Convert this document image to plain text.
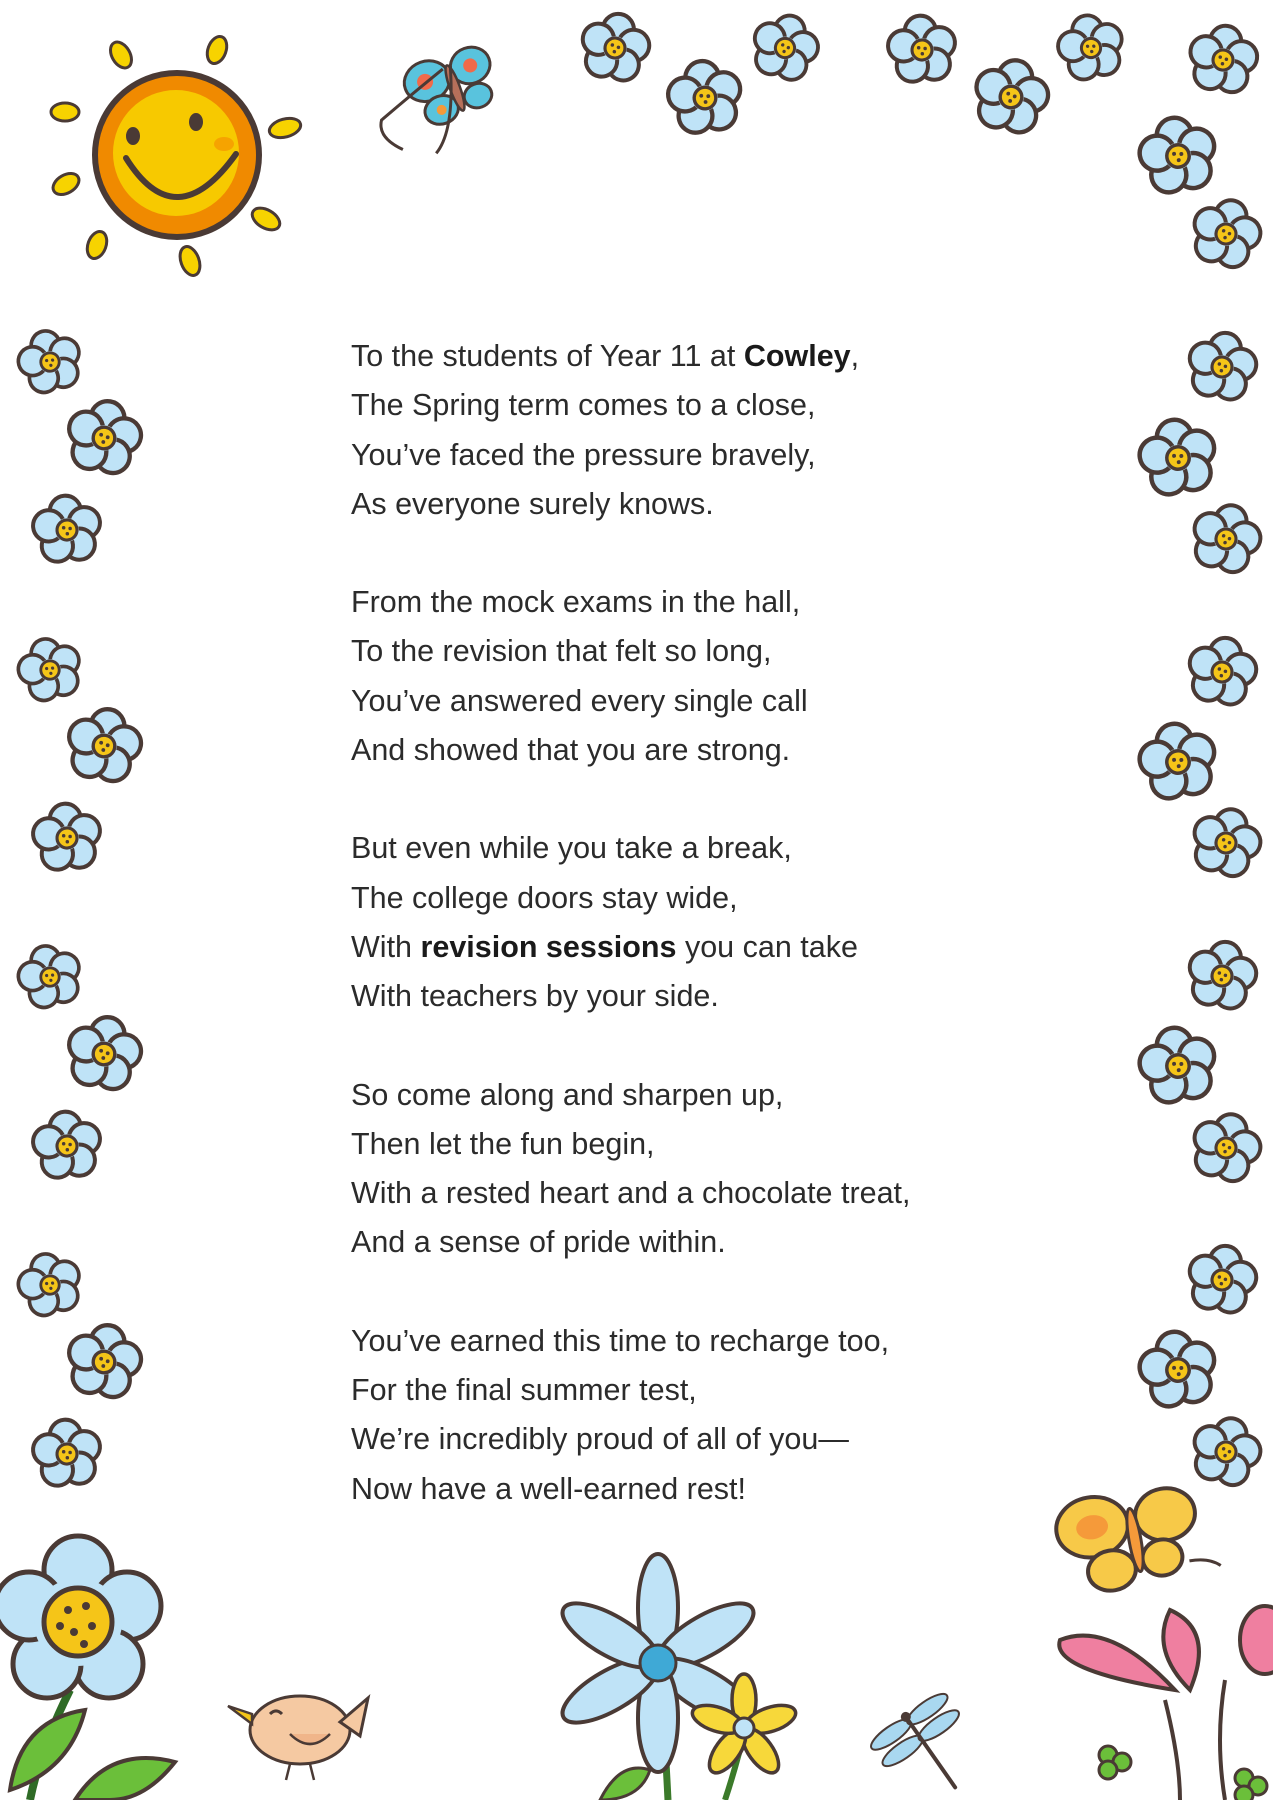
To the students of Year 11 at Cowley,
The Spring term comes to a close,
You’ve faced the pressure bravely,
As everyone surely knows.
From the mock exams in the hall,
To the revision that felt so long,
You’ve answered every single call
And showed that you are strong.
But even while you take a break,
The college doors stay wide,
With revision sessions you can take
With teachers by your side.
So come along and sharpen up,
Then let the fun begin,
With a rested heart and a chocolate treat,
And a sense of pride within.
You’ve earned this time to recharge too,
For the final summer test,
We’re incredibly proud of all of you—
Now have a well-earned rest!
